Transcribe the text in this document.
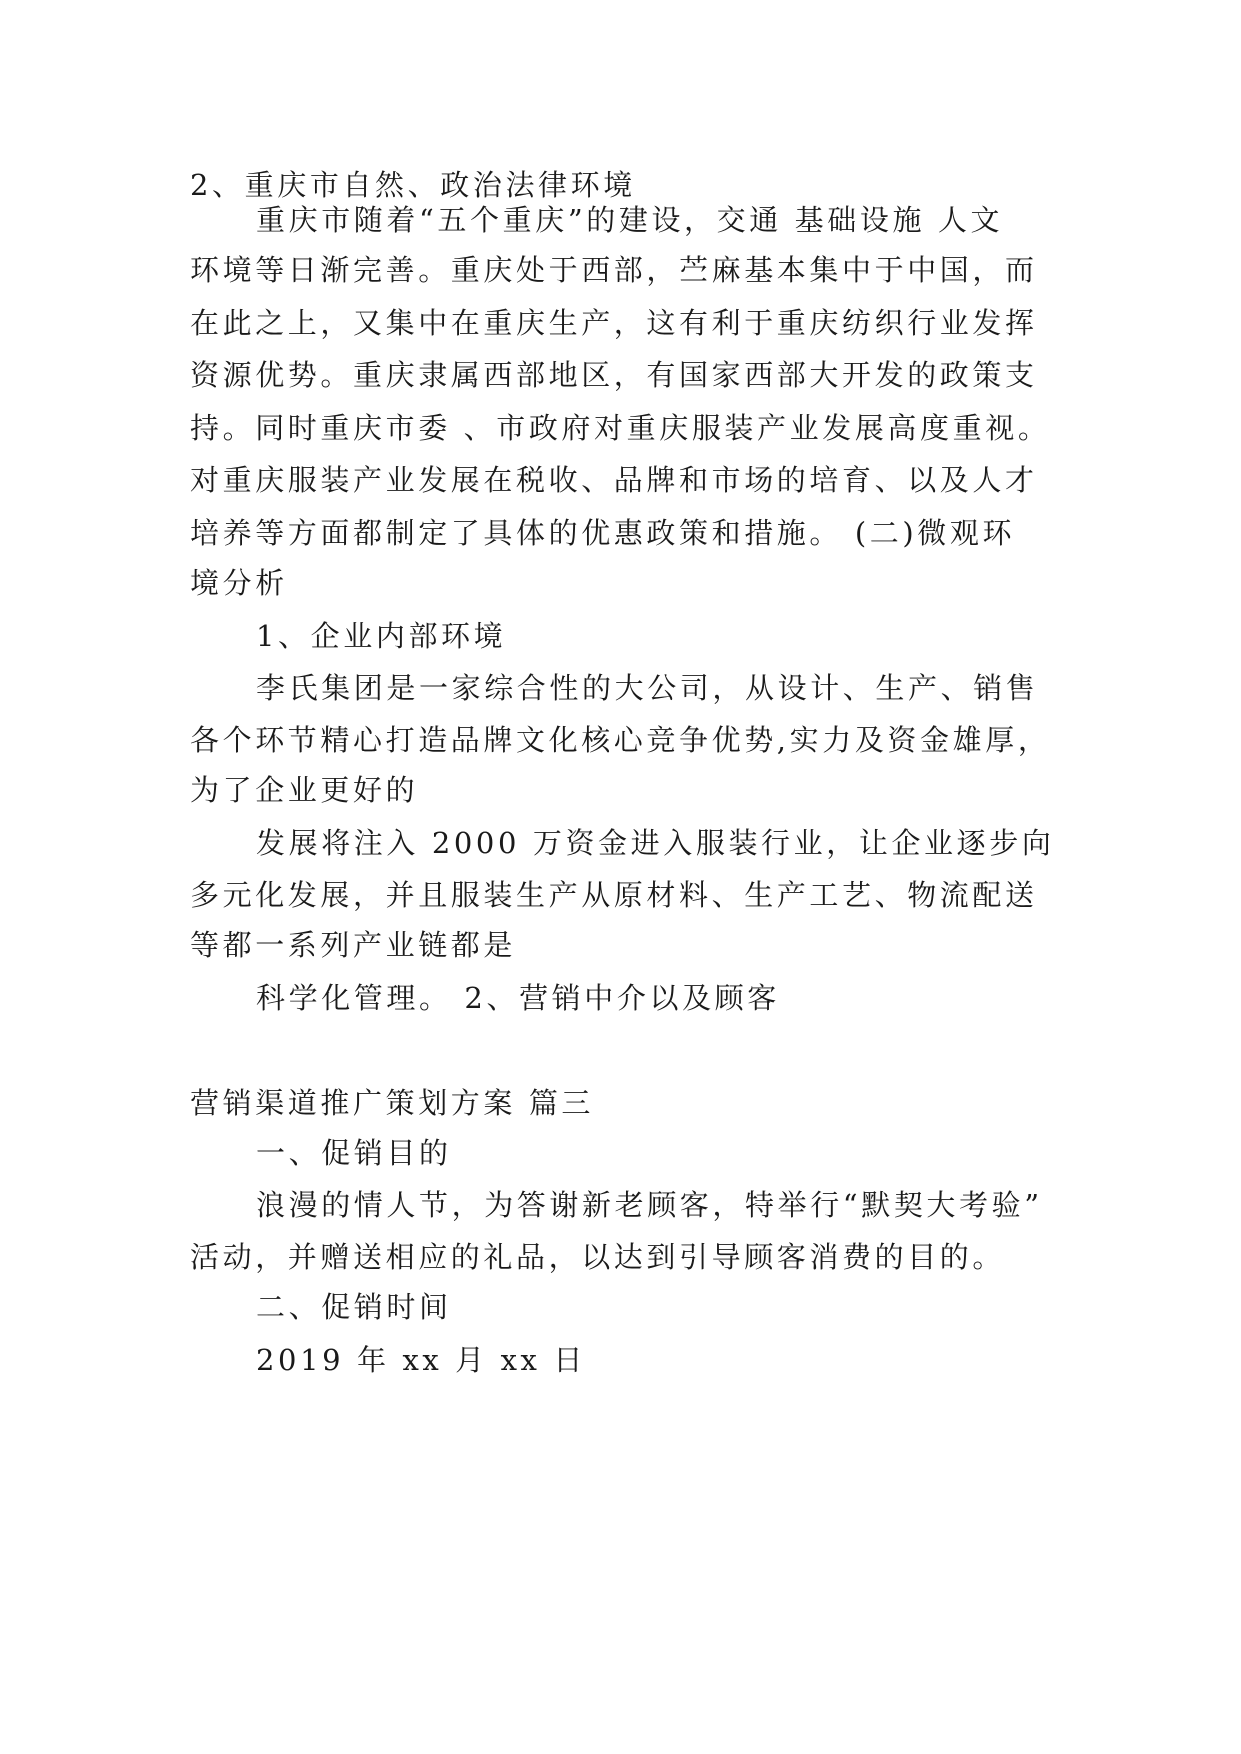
2、重庆市自然、政治法律环境
重庆市随着“五个重庆”的建设，交通 基础设施 人文
环境等日渐完善。重庆处于西部，苎麻基本集中于中国，而
在此之上，又集中在重庆生产，这有利于重庆纺织行业发挥
资源优势。重庆隶属西部地区，有国家西部大开发的政策支
持。同时重庆市委 、市政府对重庆服装产业发展高度重视。
对重庆服装产业发展在税收、品牌和市场的培育、以及人才
培养等方面都制定了具体的优惠政策和措施。 (二)微观环
境分析
1、企业内部环境
李氏集团是一家综合性的大公司，从设计、生产、销售
各个环节精心打造品牌文化核心竞争优势,实力及资金雄厚，
为了企业更好的
发展将注入 2000 万资金进入服装行业，让企业逐步向
多元化发展，并且服装生产从原材料、生产工艺、物流配送
等都一系列产业链都是
科学化管理。 2、营销中介以及顾客
营销渠道推广策划方案 篇三
一、促销目的
浪漫的情人节，为答谢新老顾客，特举行“默契大考验”
活动，并赠送相应的礼品，以达到引导顾客消费的目的。
二、促销时间
2019 年 xx 月 xx 日
